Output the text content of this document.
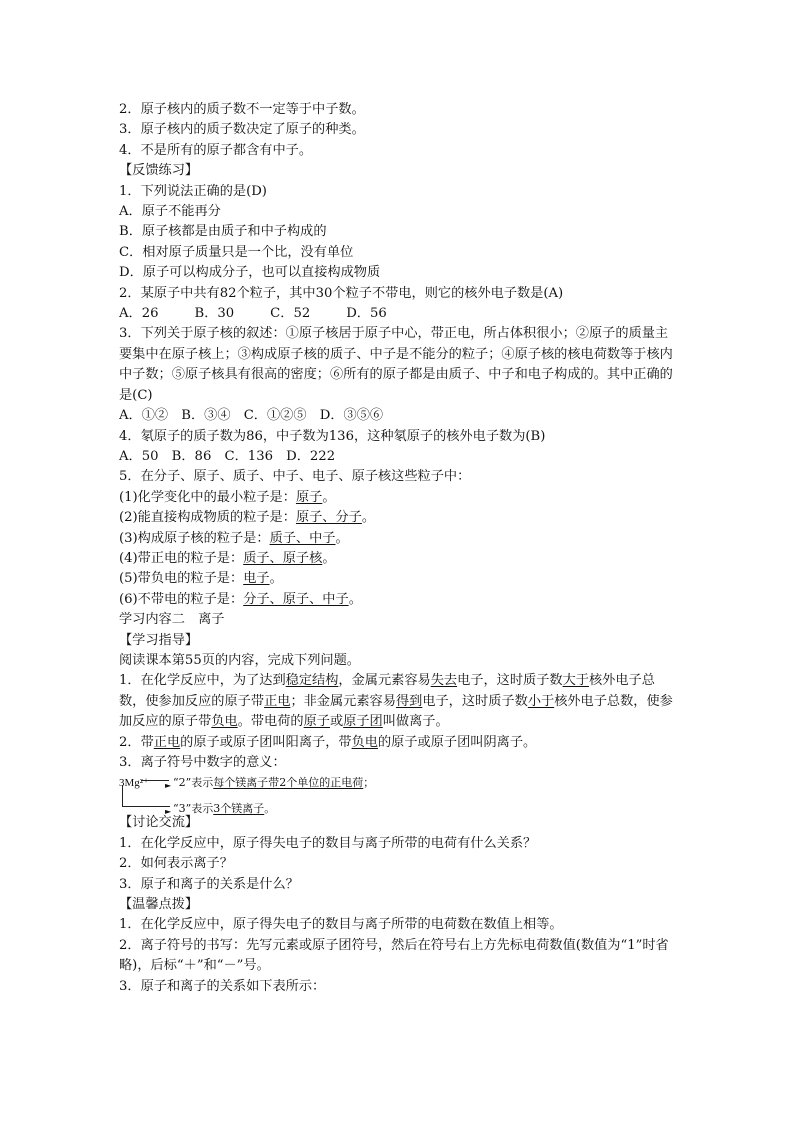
2．原子核内的质子数不一定等于中子数。
3．原子核内的质子数决定了原子的种类。
4．不是所有的原子都含有中子。
【反馈练习】
1．下列说法正确的是(D)
A．原子不能再分
B．原子核都是由质子和中子构成的
C．相对原子质量只是一个比，没有单位
D．原子可以构成分子，也可以直接构成物质
2．某原子中共有82个粒子，其中30个粒子不带电，则它的核外电子数是(A)
A．26	B．30	C．52	D．56
3．下列关于原子核的叙述：①原子核居于原子中心，带正电，所占体积很小；②原子的质量主要集中在原子核上；③构成原子核的质子、中子是不能分的粒子；④原子核的核电荷数等于核内中子数；⑤原子核具有很高的密度；⑥所有的原子都是由质子、中子和电子构成的。其中正确的是(C)
A．①②　B．③④　C．①②⑤　D．③⑤⑥
4．氡原子的质子数为86，中子数为136，这种氡原子的核外电子数为(B)
A．50　B．86　C．136　D．222
5．在分子、原子、质子、中子、电子、原子核这些粒子中：
(1)化学变化中的最小粒子是：原子。
(2)能直接构成物质的粒子是：原子、分子。
(3)构成原子核的粒子是：质子、中子。
(4)带正电的粒子是：质子、原子核。
(5)带负电的粒子是：电子。
(6)不带电的粒子是：分子、原子、中子。
学习内容二　离子
【学习指导】
阅读课本第55页的内容，完成下列问题。
1．在化学反应中，为了达到稳定结构，金属元素容易失去电子，这时质子数大于核外电子总数，使参加反应的原子带正电；非金属元素容易得到电子，这时质子数小于核外电子总数，使参加反应的原子带负电。带电荷的原子或原子团叫做离子。
2．带正电的原子或原子团叫阳离子，带负电的原子或原子团叫阴离子。
3．离子符号中数字的意义：
3Mg²⁺ ►
►
“2”表示每个镁离子带2个单位的正电荷；
“3”表示3个镁离子。
【讨论交流】
1．在化学反应中，原子得失电子的数目与离子所带的电荷有什么关系？
2．如何表示离子？
3．原子和离子的关系是什么？
【温馨点拨】
1．在化学反应中，原子得失电子的数目与离子所带的电荷数在数值上相等。
2．离子符号的书写：先写元素或原子团符号，然后在符号右上方先标电荷数值(数值为“1”时省略)，后标“＋”和“－”号。
3．原子和离子的关系如下表所示：
